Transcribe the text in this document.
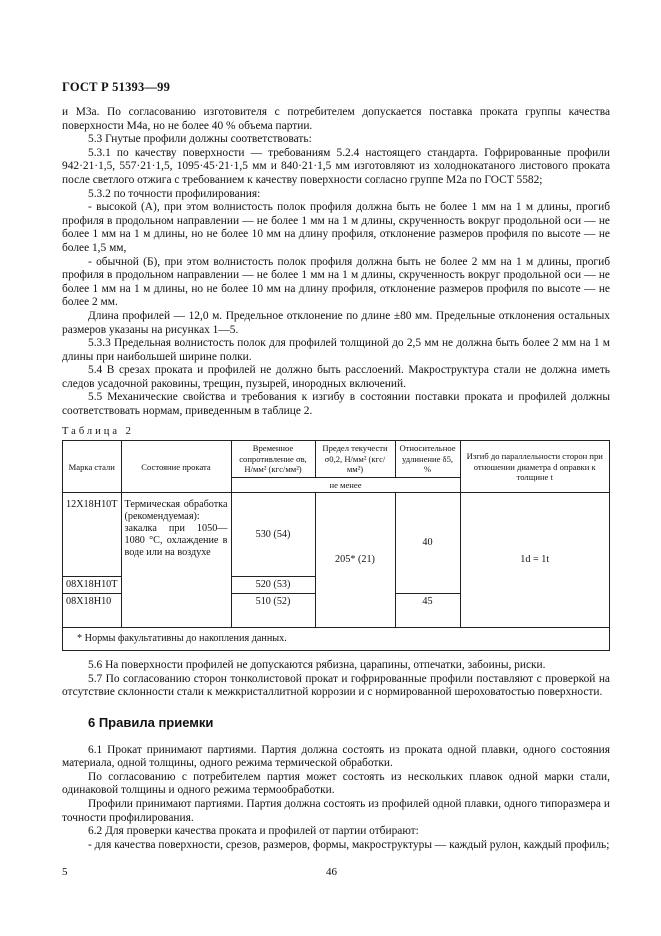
ГОСТ Р 51393—99

и М3а. По согласованию изготовителя с потребителем допускается поставка проката группы качества поверхности М4а, но не более 40 % объема партии.

5.3 Гнутые профили должны соответствовать:

5.3.1 по качеству поверхности — требованиям 5.2.4 настоящего стандарта. Гофрированные профили 942·21·1,5, 557·21·1,5, 1095·45·21·1,5 мм и 840·21·1,5 мм изготовляют из холоднокатаного листового проката после светлого отжига с требованием к качеству поверхности согласно группе М2а по ГОСТ 5582;

5.3.2 по точности профилирования:

- высокой (А), при этом волнистость полок профиля должна быть не более 1 мм на 1 м длины, прогиб профиля в продольном направлении — не более 1 мм на 1 м длины, скрученность вокруг продольной оси — не более 1 мм на 1 м длины, но не более 10 мм на длину профиля, отклонение размеров профиля по высоте — не более 1,5 мм,

- обычной (Б), при этом волнистость полок профиля должна быть не более 2 мм на 1 м длины, прогиб профиля в продольном направлении — не более 1 мм на 1 м длины, скрученность вокруг продольной оси — не более 1 мм на 1 м длины, но не более 10 мм на длину профиля, отклонение размеров профиля по высоте — не более 2 мм.

Длина профилей — 12,0 м. Предельное отклонение по длине ±80 мм. Предельные отклонения остальных размеров указаны на рисунках 1—5.

5.3.3 Предельная волнистость полок для профилей толщиной до 2,5 мм не должна быть более 2 мм на 1 м длины при наибольшей ширине полки.

5.4 В срезах проката и профилей не должно быть расслоений. Макроструктура стали не должна иметь следов усадочной раковины, трещин, пузырей, инородных включений.

5.5 Механические свойства и требования к изгибу в состоянии поставки проката и профилей должны соответствовать нормам, приведенным в таблице 2.

Таблица 2
Марка стали	Состояние проката	Временное сопротивление σв, Н/мм² (кгс/мм²)	Предел текучести σ0,2, Н/мм² (кгс/мм²)	Относительное удлинение δ5, %	Изгиб до параллельности сторон при отношении диаметра d оправки к толщине t
		не менее			
12Х18Н10Т	Термическая обработка (рекомендуемая): закалка при 1050—1080 °С, охлаждение в воде или на воздухе	530 (54)	205* (21)	40	1d = 1t
08Х18Н10Т		520 (53)			
08Х18Н10		510 (52)		45	
* Нормы факультативны до накопления данных.					

5.6 На поверхности профилей не допускаются рябизна, царапины, отпечатки, забоины, риски.

5.7 По согласованию сторон тонколистовой прокат и гофрированные профили поставляют с проверкой на отсутствие склонности стали к межкристаллитной коррозии и с нормированной шероховатостью поверхности.

6 Правила приемки

6.1 Прокат принимают партиями. Партия должна состоять из проката одной плавки, одного состояния материала, одной толщины, одного режима термической обработки.

По согласованию с потребителем партия может состоять из нескольких плавок одной марки стали, одинаковой толщины и одного режима термообработки.

Профили принимают партиями. Партия должна состоять из профилей одной плавки, одного типоразмера и точности профилирования.

6.2 Для проверки качества проката и профилей от партии отбирают:

- для качества поверхности, срезов, размеров, формы, макроструктуры — каждый рулон, каждый профиль;

5	46
